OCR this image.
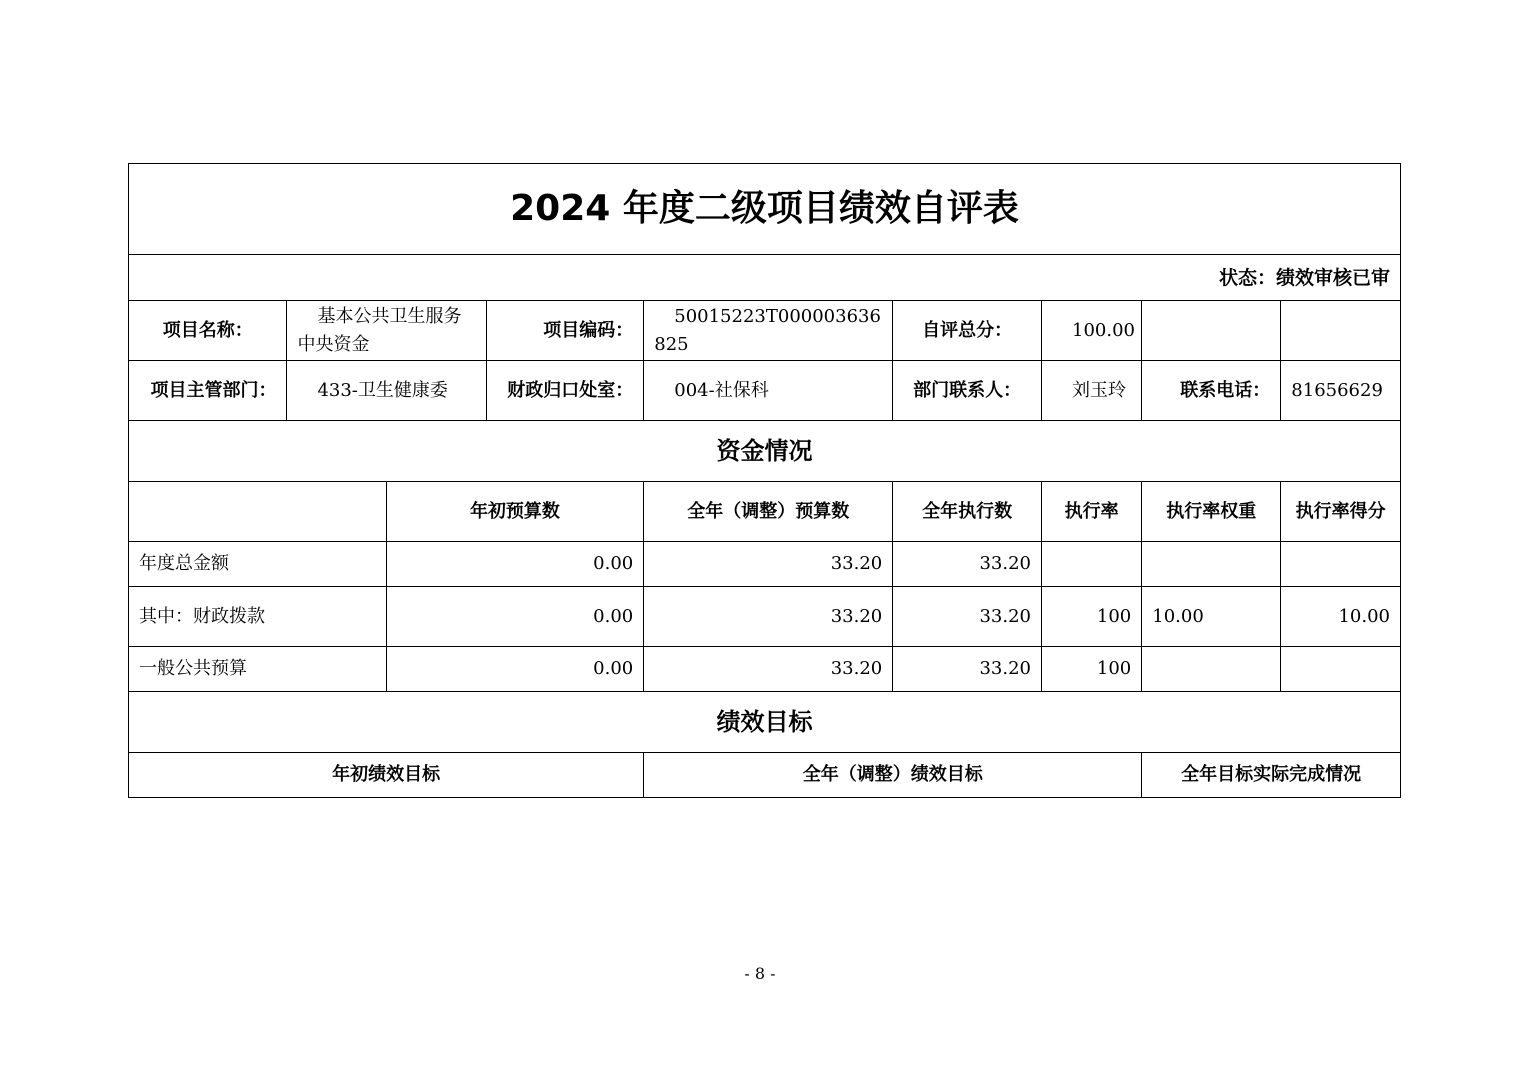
2024 年度二级项目绩效自评表								
状态：绩效审核已审								
项目名称：	基本公共卫生服务中央资金		项目编码：	50015223T000003636825	自评总分：	100.00		
项目主管部门：	433-卫生健康委		财政归口处室：	004-社保科	部门联系人：	刘玉玲	联系电话：	81656629
资金情况								
		年初预算数		全年（调整）预算数	全年执行数	执行率	执行率权重	执行率得分
年度总金额		0.00		33.20	33.20			
其中：财政拨款		0.00		33.20	33.20	100	10.00	10.00
一般公共预算		0.00		33.20	33.20	100		
绩效目标								
年初绩效目标				全年（调整）绩效目标			全年目标实际完成情况	
- 8 -
